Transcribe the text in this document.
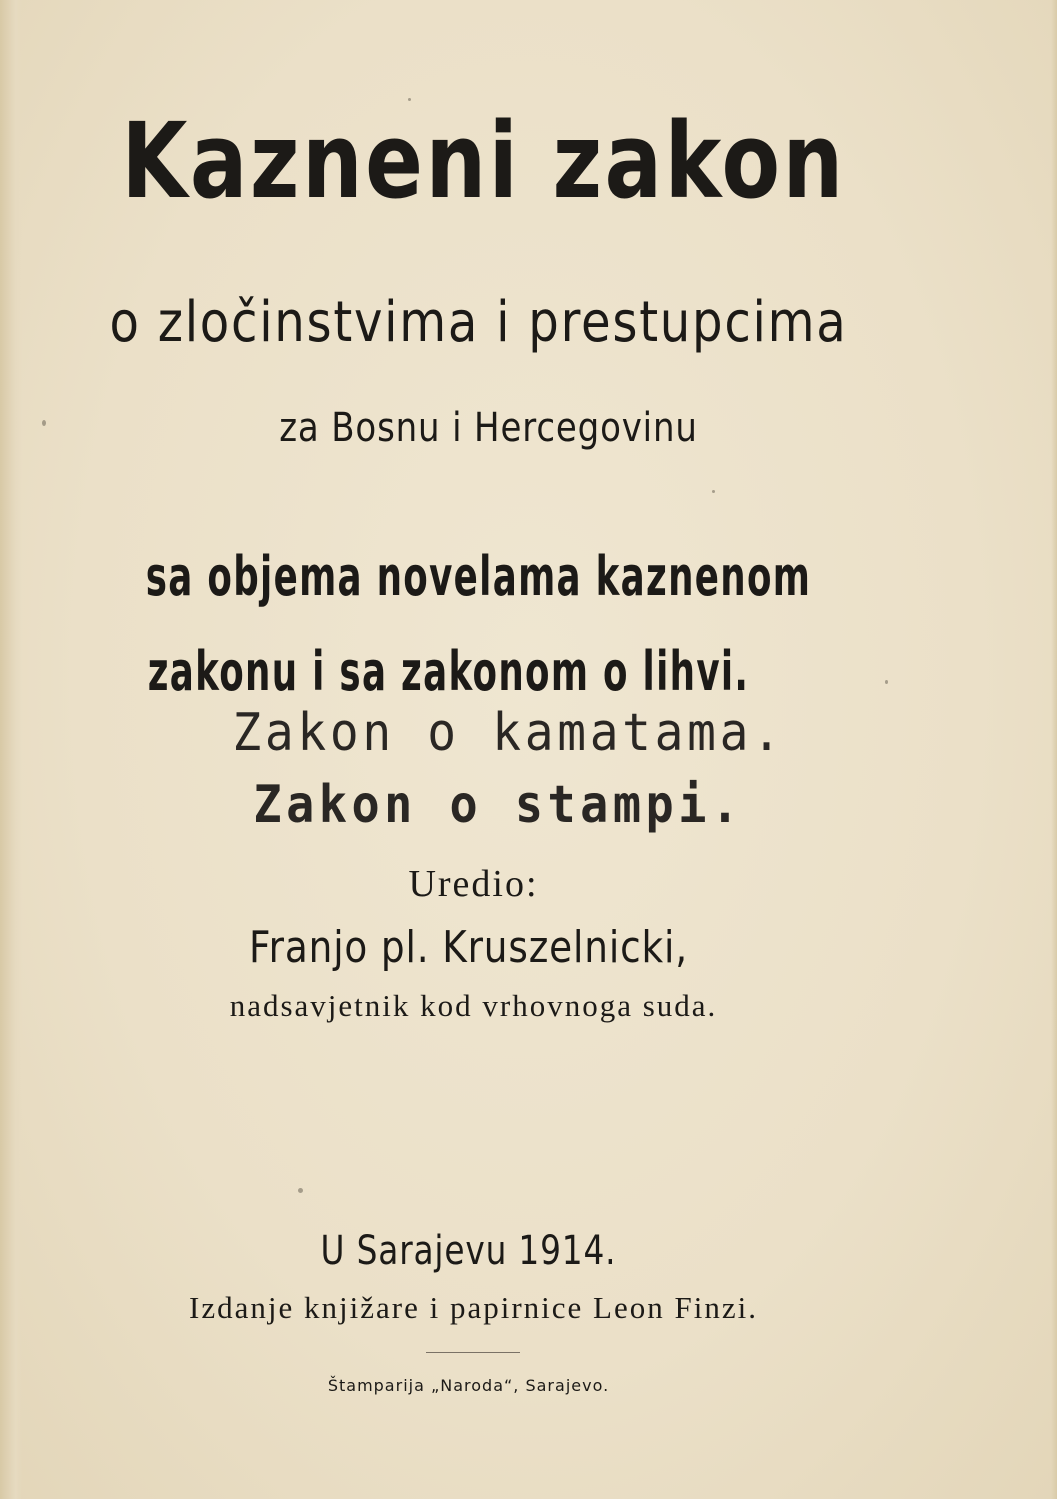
Kazneni zakon

o zločinstvima i prestupcima

za Bosnu i Hercegovinu

sa objema novelama kaznenom

zakonu i sa zakonom o lihvi.

Zakon o kamatama.

Zakon o stampi.

Uredio:

Franjo pl. Kruszelnicki,

nadsavjetnik kod vrhovnoga suda.

U Sarajevu 1914.

Izdanje knjižare i papirnice Leon Finzi.

Štamparija „Naroda“, Sarajevo.
